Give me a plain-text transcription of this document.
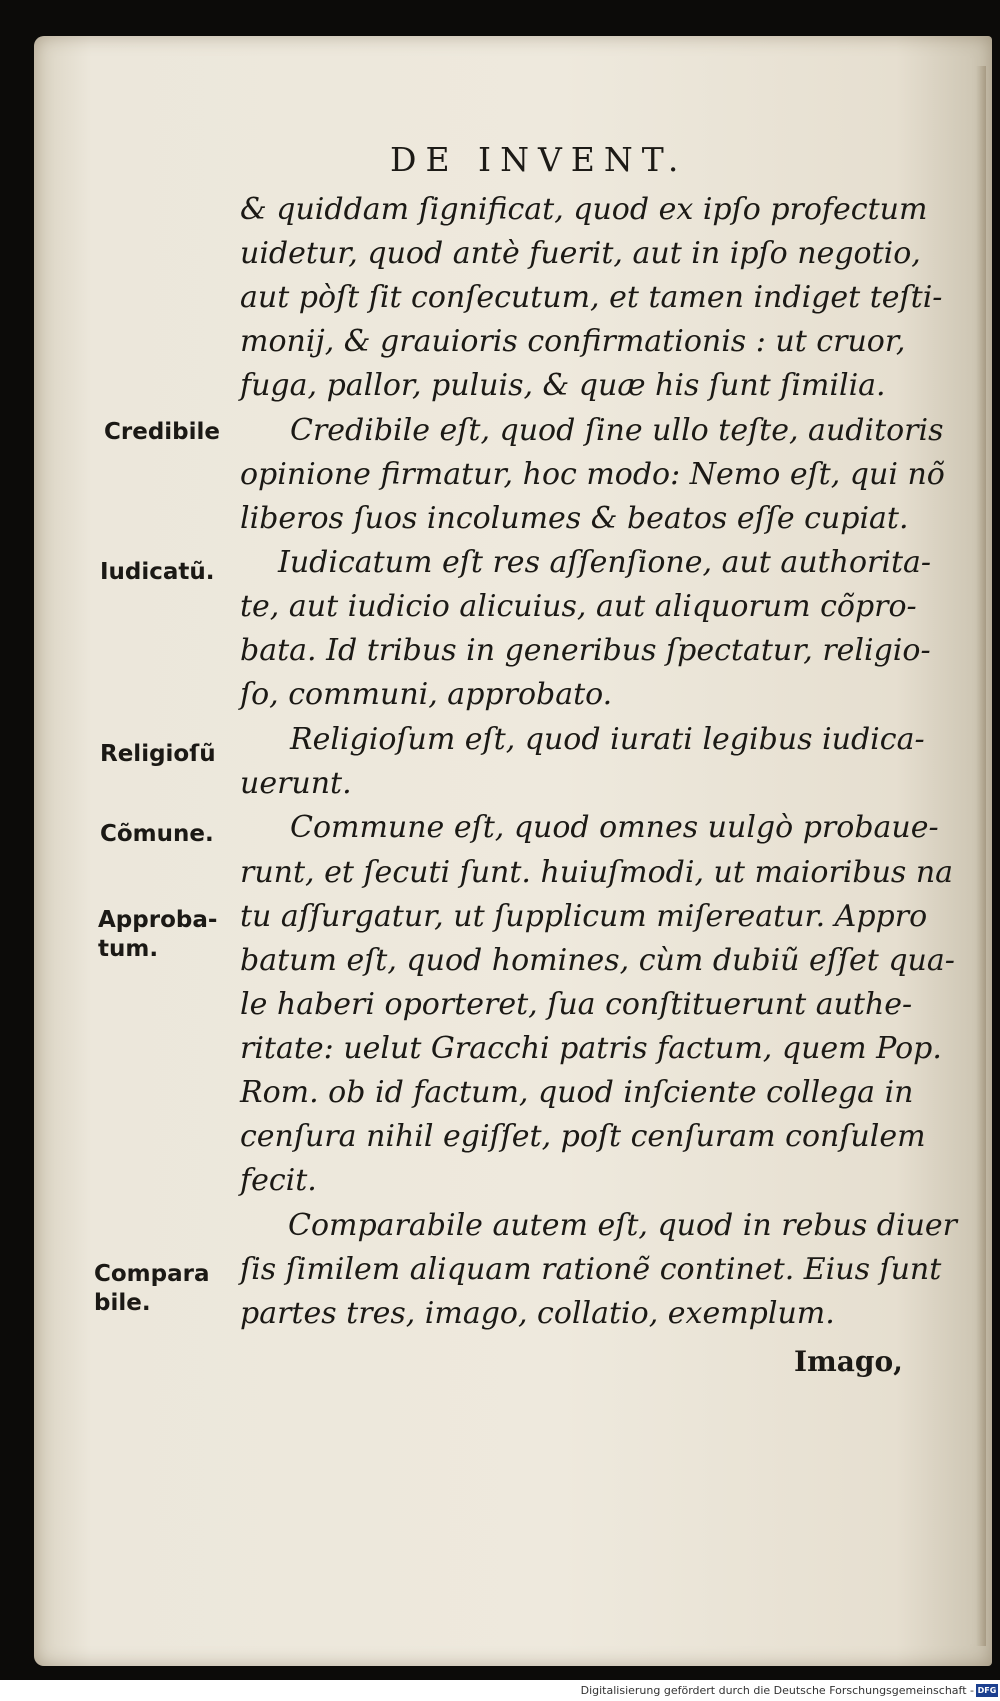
DE INVENT.
& quiddam ſignificat, quod ex ipſo profectum
uidetur, quod antè fuerit, aut in ipſo negotio,
aut pòſt ſit conſecutum, et tamen indiget teſti-
monij, & grauioris confirmationis : ut cruor,
fuga, pallor, puluis, & quæ his ſunt ſimilia.
Credibile eſt, quod ſine ullo teſte, auditoris
opinione firmatur, hoc modo: Nemo eſt, qui nõ
liberos ſuos incolumes & beatos eſſe cupiat.
Iudicatum eſt res aſſenſione, aut authorita-
te, aut iudicio alicuius, aut aliquorum cõpro-
bata. Id tribus in generibus ſpectatur, religio-
ſo, communi, approbato.
Religioſum eſt, quod iurati legibus iudica-
uerunt.
Commune eſt, quod omnes uulgò probaue-
runt, et ſecuti ſunt. huiuſmodi, ut maioribus na
tu aſſurgatur, ut ſupplicum miſereatur. Appro
batum eſt, quod homines, cùm dubiũ eſſet qua-
le haberi oporteret, ſua conſtituerunt authe-
ritate: uelut Gracchi patris factum, quem Pop.
Rom. ob id factum, quod inſciente collega in
cenſura nihil egiſſet, poſt cenſuram conſulem
fecit.
Comparabile autem eſt, quod in rebus diuer
ſis ſimilem aliquam rationẽ continet. Eius ſunt
partes tres, imago, collatio, exemplum.
Credibile
Iudicatũ.
Religioſũ
Cõmune.
Approba-
tum.
Compara
bile.
Imago,
Digitalisierung gefördert durch die Deutsche Forschungsgemeinschaft - DFG
